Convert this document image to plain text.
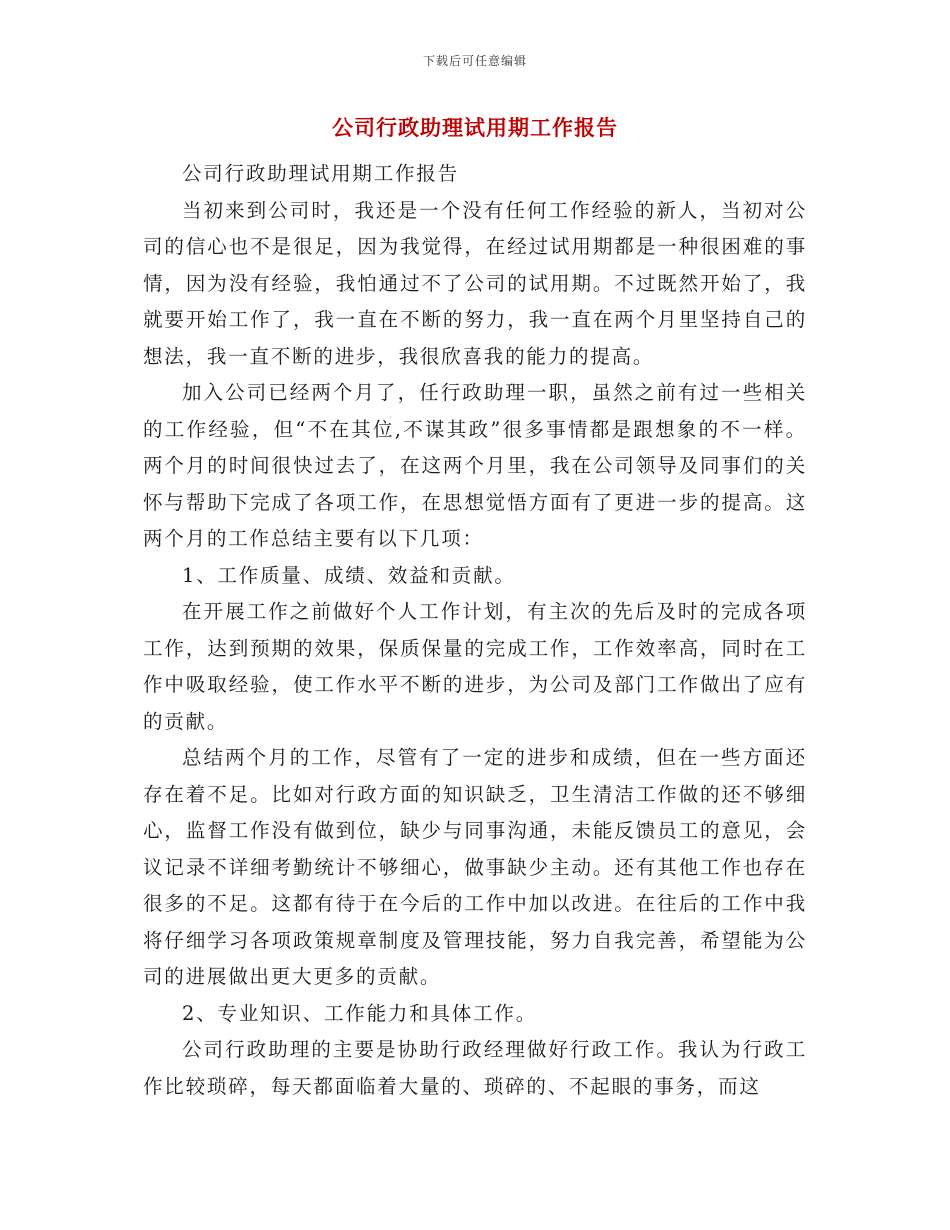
下载后可任意编辑
公司行政助理试用期工作报告

公司行政助理试用期工作报告

当初来到公司时，我还是一个没有任何工作经验的新人，当初对公司的信心也不是很足，因为我觉得，在经过试用期都是一种很困难的事情，因为没有经验，我怕通过不了公司的试用期。不过既然开始了，我就要开始工作了，我一直在不断的努力，我一直在两个月里坚持自己的想法，我一直不断的进步，我很欣喜我的能力的提高。

加入公司已经两个月了，任行政助理一职，虽然之前有过一些相关的工作经验，但“不在其位,不谋其政”很多事情都是跟想象的不一样。两个月的时间很快过去了，在这两个月里，我在公司领导及同事们的关怀与帮助下完成了各项工作，在思想觉悟方面有了更进一步的提高。这两个月的工作总结主要有以下几项：

1、工作质量、成绩、效益和贡献。

在开展工作之前做好个人工作计划，有主次的先后及时的完成各项工作，达到预期的效果，保质保量的完成工作，工作效率高，同时在工作中吸取经验，使工作水平不断的进步，为公司及部门工作做出了应有的贡献。

总结两个月的工作，尽管有了一定的进步和成绩，但在一些方面还存在着不足。比如对行政方面的知识缺乏，卫生清洁工作做的还不够细心，监督工作没有做到位，缺少与同事沟通，未能反馈员工的意见，会议记录不详细考勤统计不够细心，做事缺少主动。还有其他工作也存在很多的不足。这都有待于在今后的工作中加以改进。在往后的工作中我将仔细学习各项政策规章制度及管理技能，努力自我完善，希望能为公司的进展做出更大更多的贡献。

2、专业知识、工作能力和具体工作。

公司行政助理的主要是协助行政经理做好行政工作。我认为行政工作比较琐碎，每天都面临着大量的、琐碎的、不起眼的事务，而这
